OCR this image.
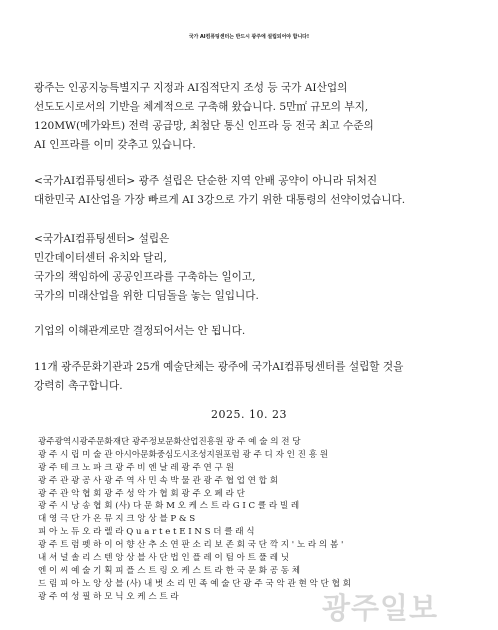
국가 AI컴퓨팅센터는 반드시 광주에 설립되어야 합니다!
광주는 인공지능특별지구 지정과 AI집적단지 조성 등 국가 AI산업의
선도도시로서의 기반을 체계적으로 구축해 왔습니다. 5만㎡ 규모의 부지,
120MW(메가와트) 전력 공급망, 최첨단 통신 인프라 등 전국 최고 수준의
AI 인프라를 이미 갖추고 있습니다.
<국가AI컴퓨팅센터> 광주 설립은 단순한 지역 안배 공약이 아니라 뒤처진
대한민국 AI산업을 가장 빠르게 AI 3강으로 가기 위한 대통령의 선약이었습니다.
<국가AI컴퓨팅센터> 설립은
민간데이터센터 유치와 달리,
국가의 책임하에 공공인프라를 구축하는 일이고,
국가의 미래산업을 위한 디딤돌을 놓는 일입니다.
기업의 이해관계로만 결정되어서는 안 됩니다.
11개 광주문화기관과 25개 예술단체는 광주에 국가AI컴퓨팅센터를 설립할 것을
강력히 촉구합니다.
2025. 10. 23
광주광역시광주문화재단 광주정보문화산업진흥원 광 주 예 술 의 전 당
광 주 시 립 미 술 관 아시아문화중심도시조성지원포럼 광 주 디 자 인 진 흥 원
광 주 테 크 노 파 크 광 주 비 엔 날 레 광 주 연 구 원
광 주 관 광 공 사 광 주 역 사 민 속 박 물 관 광 주 협 업 연 합 회
광 주 관 악 협 회 광 주 성 악 가 협 회 광 주 오 페 라 단
광 주 시 낭 송 협 회 (사) 다 문 화 M 오 케 스 트 라 G I C 클 라 빌 레
대 영 극 단 가 온 뮤 지 크 앙 상 블 P & S
피 아 노 듀 오 라 렐 라 Q u a r t e t E I N S 더 클 래 식
광 주 트 럼 펫 하 이 어 향 산 추 소 연 판 소 리 보 존 회 국 단 깍 지 ' 노 라 의 봄 '
내 셔 널 솔 리 스 텐 앙 상 블 사 단 법 인 플 레 이 팀 아 트 풀 레 닛
엔 이 씨 예 술 기 획 피 플 스 트 링 오 케 스 트 라 한 국 문 화 공 동 체
드 림 피 아 노 앙 상 블 (사) 내 벗 소 리 민 족 예 술 단 광 주 국 악 관 현 악 단 협 회
광 주 여 성 필 하 모 닉 오 케 스 트 라	광주일보
